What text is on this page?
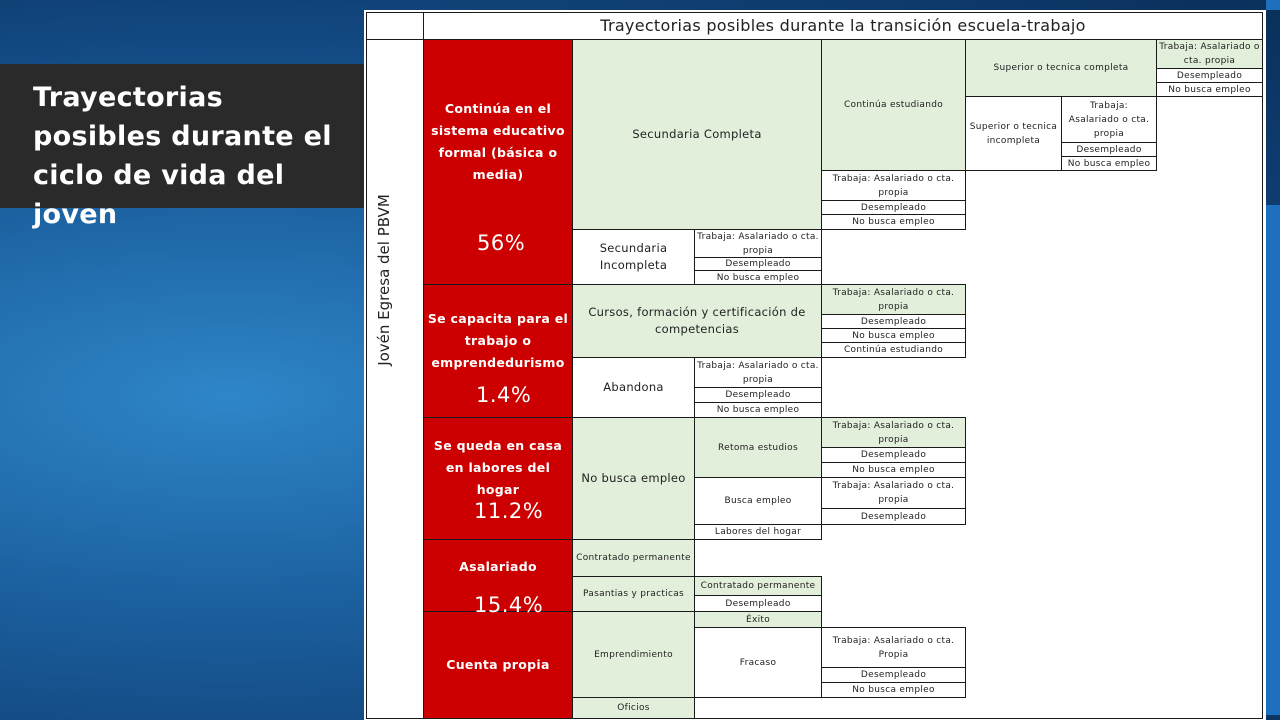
Trayectorias posibles durante el ciclo de vida del joven	Jovén Egresa del PBVM
Trayectorias posibles durante la transición escuela-trabajo
Continúa en el sistema educativo formal (básica o media)
Se capacita para el trabajo o emprendedurismo
Se queda en casa en labores del hogar
Asalariado
Cuenta propia
56%
1.4%
11.2%
15.4%
Secundaria Completa
Continúa estudiando
Superior o tecnica completa
Trabaja: Asalariado o cta. propia
Desempleado
No busca empleo
Superior o tecnica incompleta
Trabaja: Asalariado o cta. propia
Desempleado
No busca empleo
Trabaja: Asalariado o cta. propia
Desempleado
No busca empleo
Secundaria Incompleta
Trabaja: Asalariado o cta. propia
Desempleado
No busca empleo
Cursos, formación y certificación de competencias
Trabaja: Asalariado o cta. propia
Desempleado
No busca empleo
Continúa estudiando
Abandona
Trabaja: Asalariado o cta. propia
Desempleado
No busca empleo
No busca empleo
Retoma estudios
Trabaja: Asalariado o cta. propia
Desempleado
No busca empleo
Busca empleo
Trabaja: Asalariado o cta. propia
Desempleado
Labores del hogar
Contratado permanente
Pasantias y practicas
Contratado permanente
Desempleado
Emprendimiento
Éxito
Fracaso
Trabaja: Asalariado o cta. Propia
Desempleado
No busca empleo
Oficios
